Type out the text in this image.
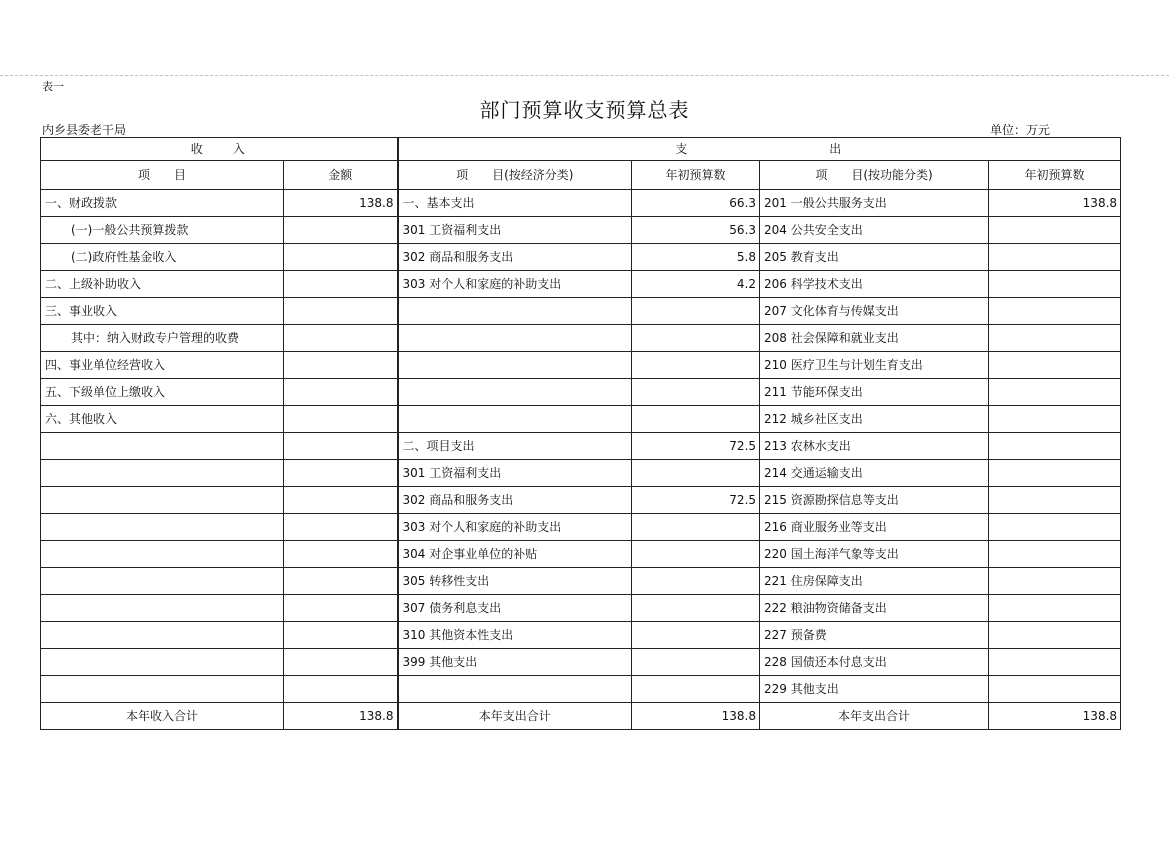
表一
部门预算收支预算总表
内乡县委老干局	单位：万元
收　　入		支　　　　　　　　　　出			
项　　目	金额	项　　目(按经济分类)	年初预算数	项　　目(按功能分类)	年初预算数
一、财政拨款	138.8	一、基本支出	66.3	201 一般公共服务支出	138.8
(一)一般公共预算拨款		301 工资福利支出	56.3	204 公共安全支出	
(二)政府性基金收入		302 商品和服务支出	5.8	205 教育支出	
二、上级补助收入		303 对个人和家庭的补助支出	4.2	206 科学技术支出	
三、事业收入				207 文化体育与传媒支出	
其中：纳入财政专户管理的收费				208 社会保障和就业支出	
四、事业单位经营收入				210 医疗卫生与计划生育支出	
五、下级单位上缴收入				211 节能环保支出	
六、其他收入				212 城乡社区支出	
		二、项目支出	72.5	213 农林水支出	
		301 工资福利支出		214 交通运输支出	
		302 商品和服务支出	72.5	215 资源勘探信息等支出	
		303 对个人和家庭的补助支出		216 商业服务业等支出	
		304 对企事业单位的补贴		220 国土海洋气象等支出	
		305 转移性支出		221 住房保障支出	
		307 债务利息支出		222 粮油物资储备支出	
		310 其他资本性支出		227 预备费	
		399 其他支出		228 国债还本付息支出	
				229 其他支出	
本年收入合计	138.8	本年支出合计	138.8	本年支出合计	138.8
